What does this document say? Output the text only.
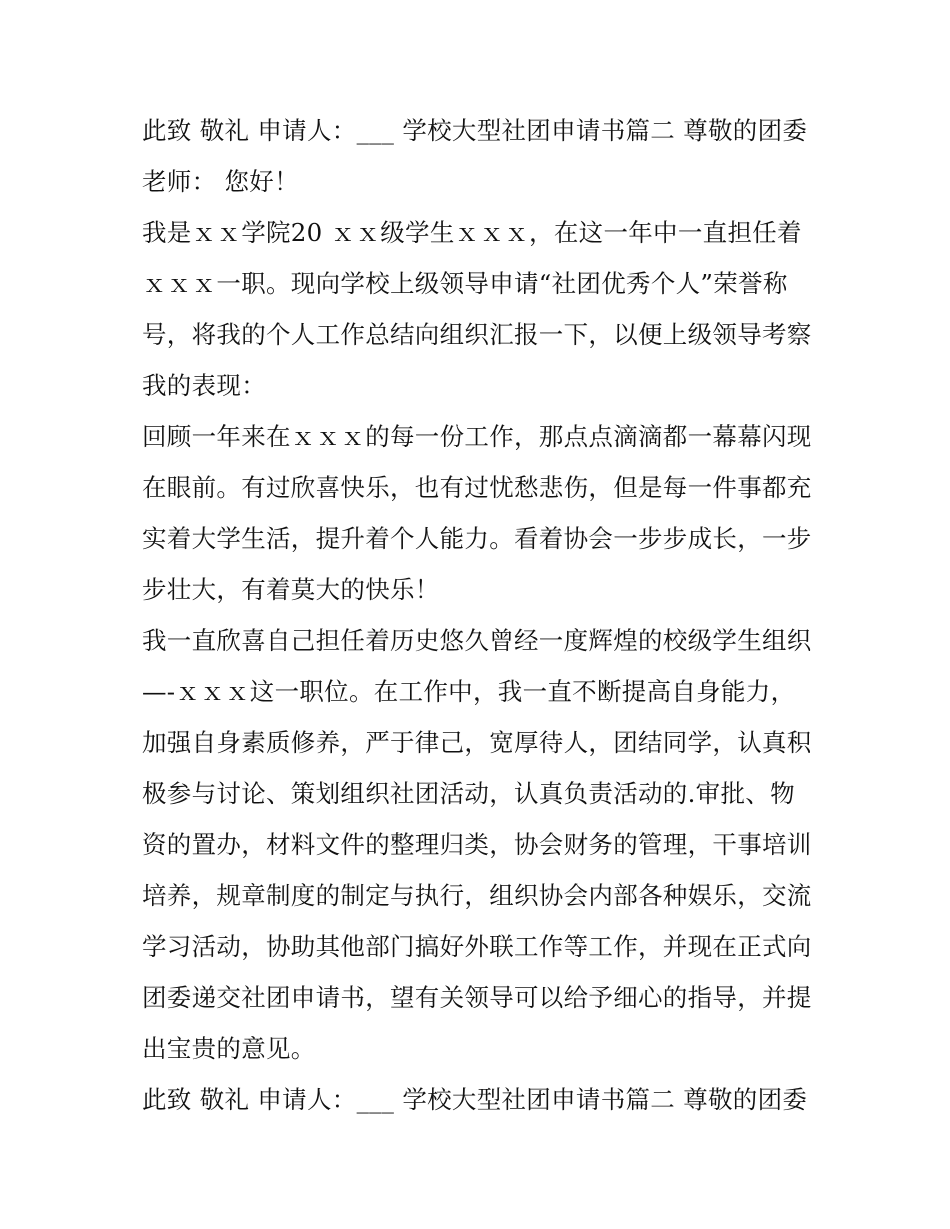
此致 敬礼 申请人：___ 学校大型社团申请书篇二 尊敬的团委
老师： 您好！
我是ｘｘ学院20 ｘｘ级学生ｘｘｘ，在这一年中一直担任着
ｘｘｘ一职。现向学校上级领导申请“社团优秀个人”荣誉称
号，将我的个人工作总结向组织汇报一下，以便上级领导考察
我的表现：
回顾一年来在ｘｘｘ的每一份工作，那点点滴滴都一幕幕闪现
在眼前。有过欣喜快乐，也有过忧愁悲伤，但是每一件事都充
实着大学生活，提升着个人能力。看着协会一步步成长，一步
步壮大，有着莫大的快乐！
我一直欣喜自己担任着历史悠久曾经一度辉煌的校级学生组织
—-ｘｘｘ这一职位。在工作中，我一直不断提高自身能力，
加强自身素质修养，严于律己，宽厚待人，团结同学，认真积
极参与讨论、策划组织社团活动，认真负责活动的.审批、物
资的置办，材料文件的整理归类，协会财务的管理，干事培训
培养，规章制度的制定与执行，组织协会内部各种娱乐，交流
学习活动，协助其他部门搞好外联工作等工作，并现在正式向
团委递交社团申请书，望有关领导可以给予细心的指导，并提
出宝贵的意见。
此致 敬礼 申请人：___ 学校大型社团申请书篇二 尊敬的团委
